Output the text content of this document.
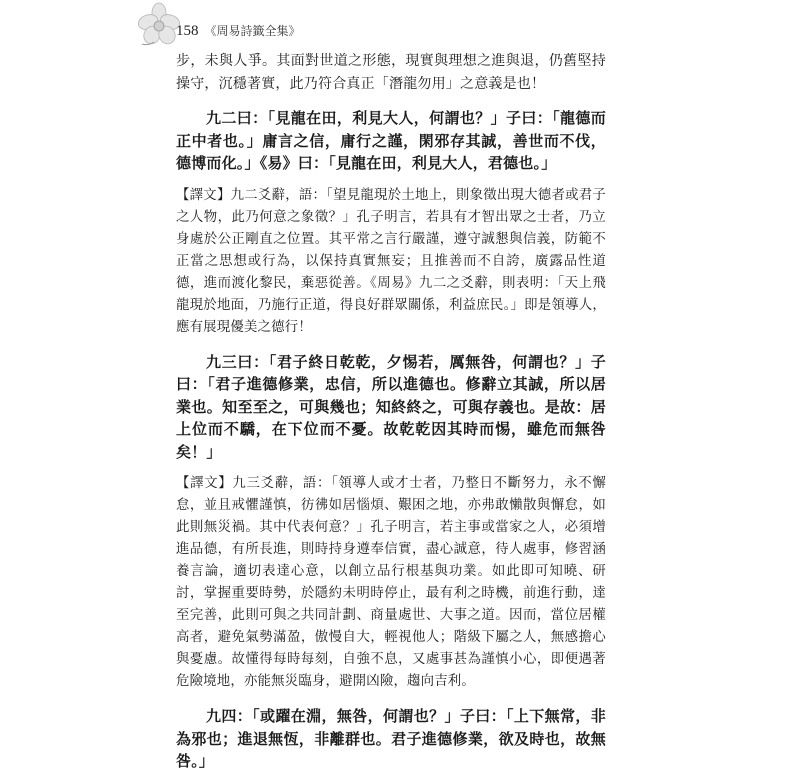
158 《周易詩籤全集》

步，未與人爭。其面對世道之形態，現實與理想之進與退，仍舊堅持操守，沉穩著實，此乃符合真正「潛龍勿用」之意義是也！

九二曰：「見龍在田，利見大人，何謂也？」子曰：「龍德而正中者也。」庸言之信，庸行之謹，閑邪存其誠，善世而不伐，德博而化。」《易》曰：「見龍在田，利見大人，君德也。」

【譯文】九二爻辭，語：「望見龍現於土地上，則象徵出現大德者或君子之人物，此乃何意之象徵？」孔子明言，若具有才智出眾之士者，乃立身處於公正剛直之位置。其平常之言行嚴謹，遵守誠懇與信義，防範不正當之思想或行為，以保持真實無妄；且推善而不自誇，廣露品性道德，進而渡化黎民，棄惡從善。《周易》九二之爻辭，則表明：「天上飛龍現於地面，乃施行正道，得良好群眾關係，利益庶民。」即是領導人，應有展現優美之德行！

九三曰：「君子終日乾乾，夕惕若，厲無咎，何謂也？」子曰：「君子進德修業，忠信，所以進德也。修辭立其誠，所以居業也。知至至之，可與幾也；知終終之，可與存義也。是故：居上位而不驕，在下位而不憂。故乾乾因其時而惕，雖危而無咎矣！」

【譯文】九三爻辭，語：「領導人或才士者，乃整日不斷努力，永不懈怠，並且戒懼謹慎，彷彿如居惱煩、艱困之地，亦弗敢懶散與懈怠，如此則無災禍。其中代表何意？」孔子明言，若主事或當家之人，必須增進品德，有所長進，則時持身遵奉信實，盡心誠意，待人處事，修習涵養言論，適切表達心意，以創立品行根基與功業。如此即可知曉、研討，掌握重要時勢，於隱約未明時停止，最有利之時機，前進行動，達至完善，此則可與之共同計劃、商量處世、大事之道。因而，當位居權高者，避免氣勢滿盈，傲慢自大，輕視他人；階級下屬之人，無感擔心與憂慮。故懂得每時每刻，自強不息，又處事甚為謹慎小心，即便遇著危險境地，亦能無災臨身，避開凶險，趨向吉利。

九四：「或躍在淵，無咎，何謂也？」子曰：「上下無常，非為邪也；進退無恆，非離群也。君子進德修業，欲及時也，故無咎。」
